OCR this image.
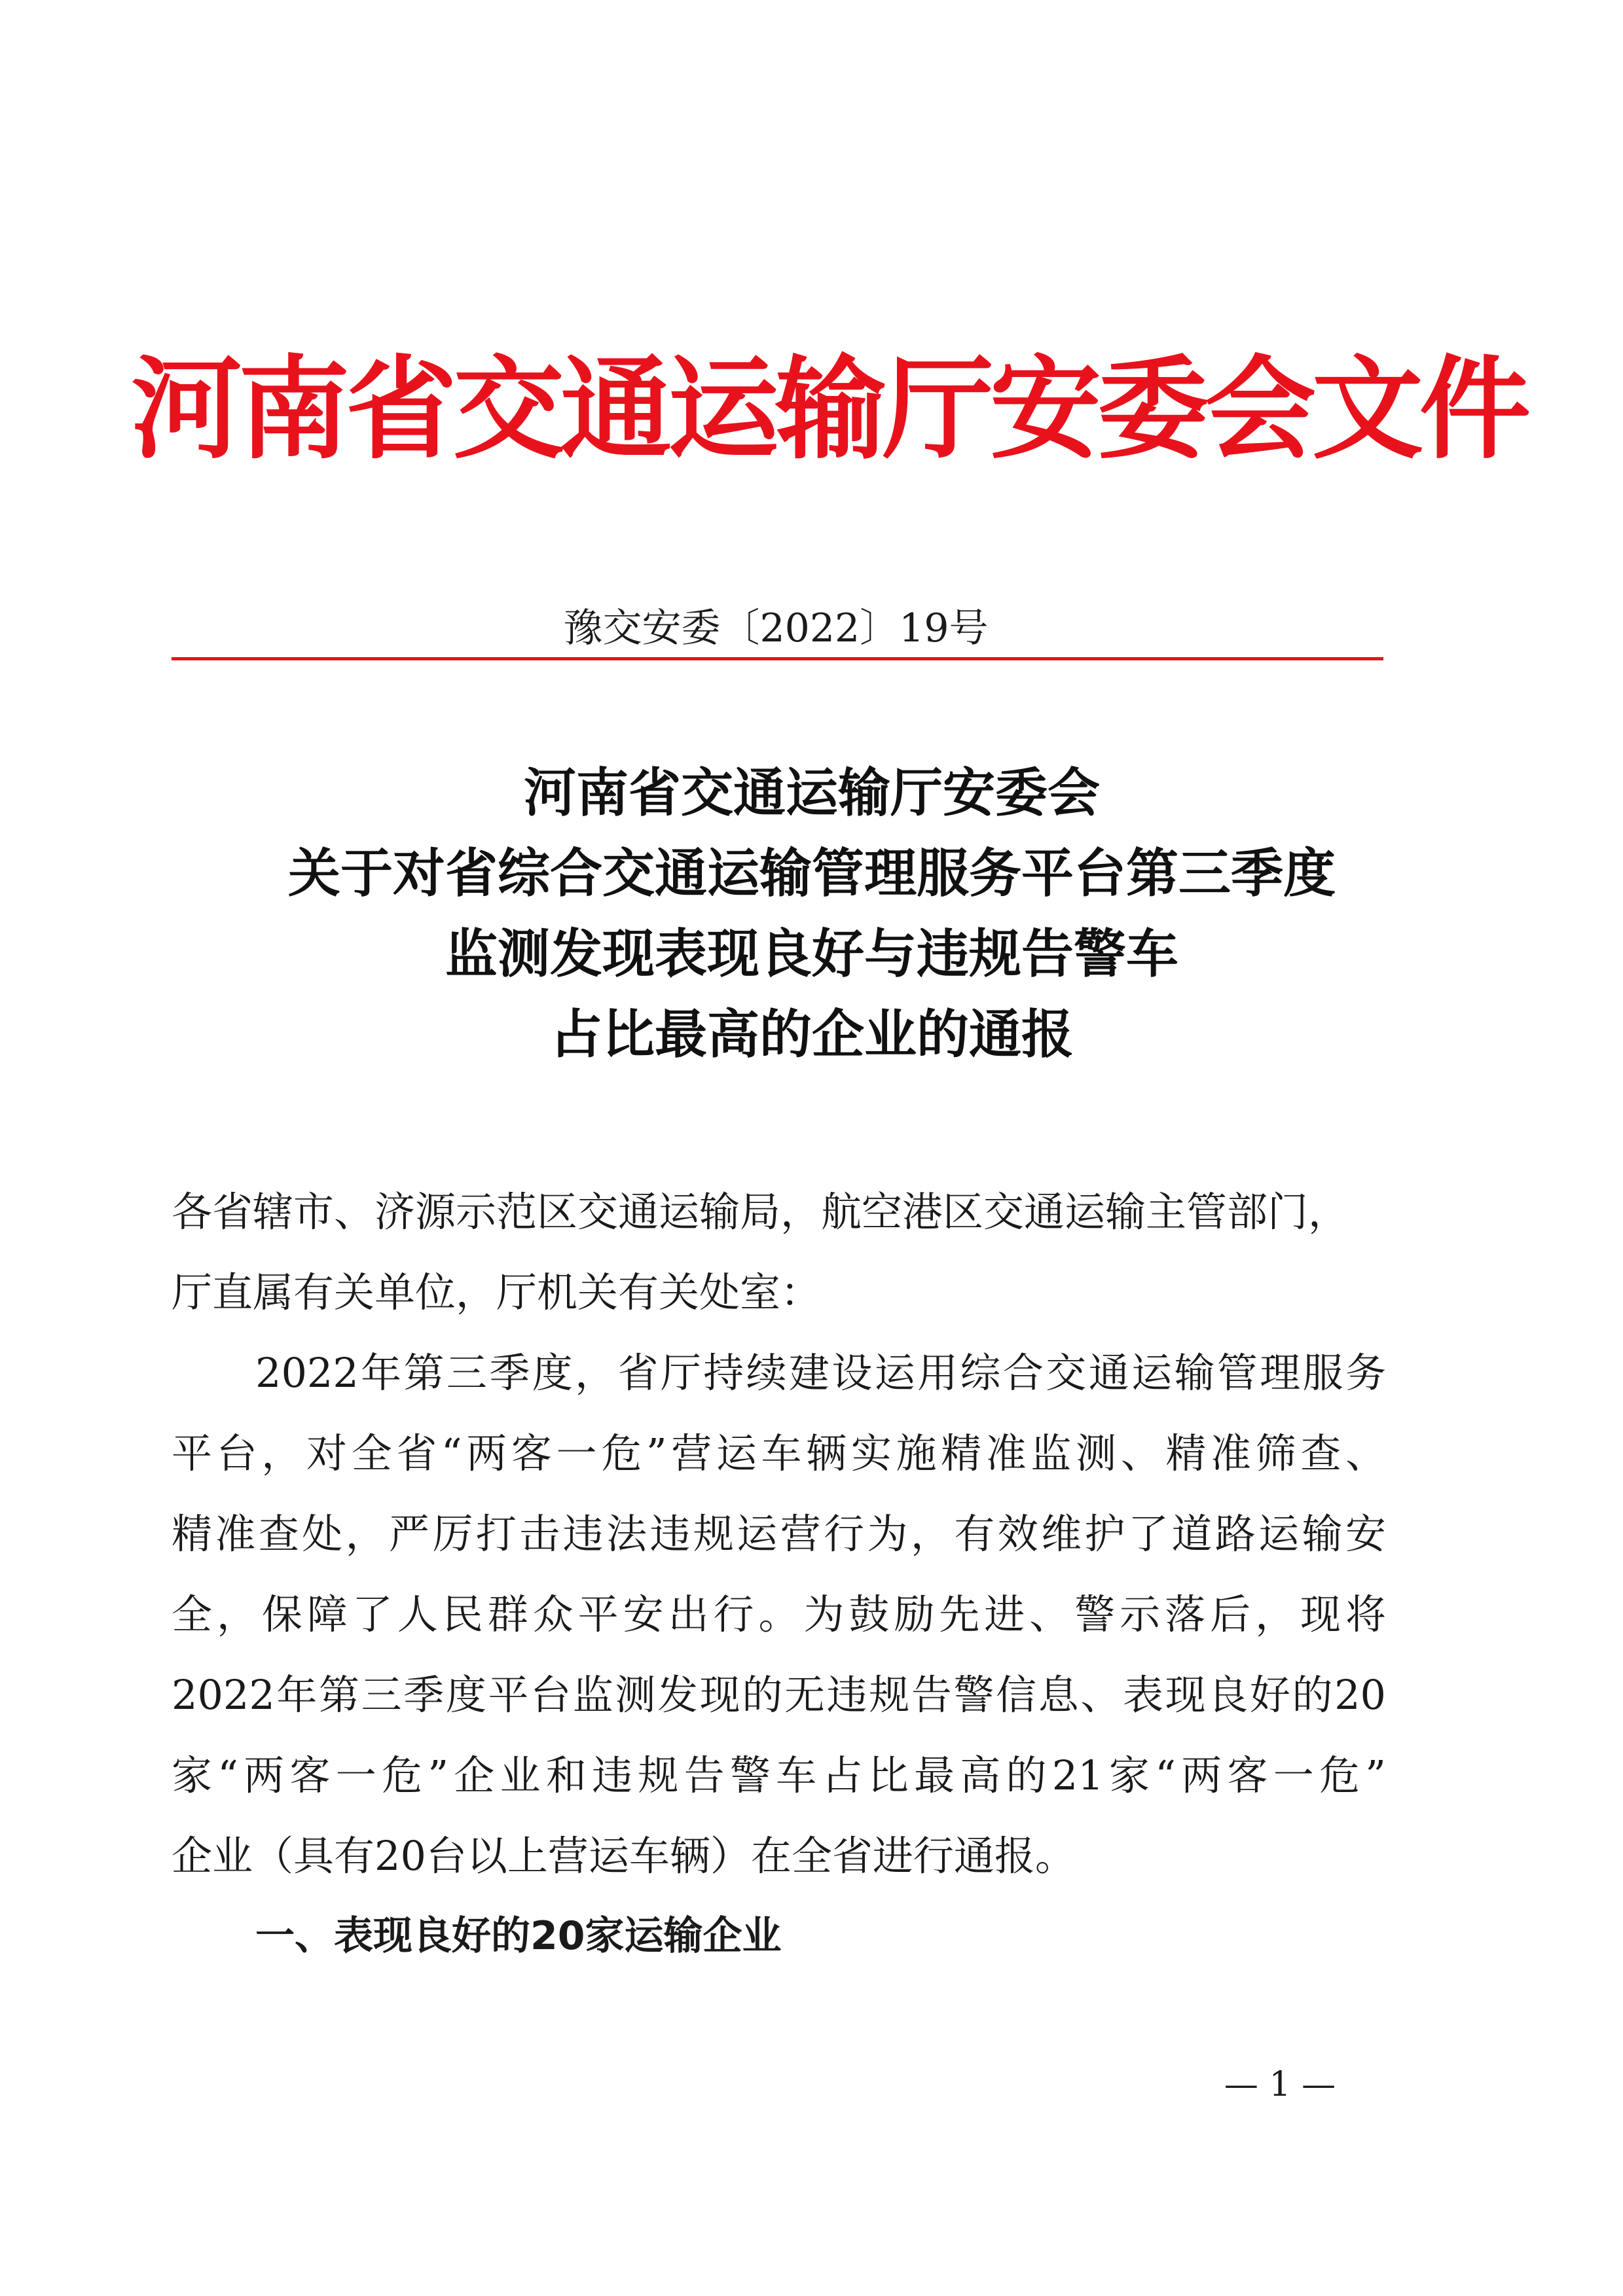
河南省交通运输厅安委会文件
豫交安委〔2022〕19号
河南省交通运输厅安委会
关于对省综合交通运输管理服务平台第三季度
监测发现表现良好与违规告警车
占比最高的企业的通报
各省辖市、济源示范区交通运输局，航空港区交通运输主管部门，
厅直属有关单位，厅机关有关处室：
2022年第三季度，省厅持续建设运用综合交通运输管理服务
平台，对全省“两客一危”营运车辆实施精准监测、精准筛查、
精准查处，严厉打击违法违规运营行为，有效维护了道路运输安
全，保障了人民群众平安出行。为鼓励先进、警示落后，现将
2022年第三季度平台监测发现的无违规告警信息、表现良好的20
家“两客一危”企业和违规告警车占比最高的21家“两客一危”
企业（具有20台以上营运车辆）在全省进行通报。
一、表现良好的20家运输企业
— 1 —
